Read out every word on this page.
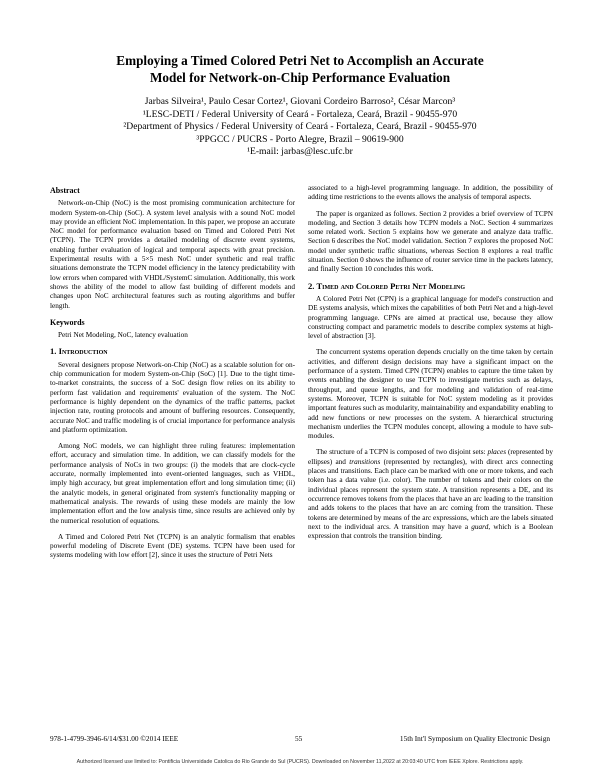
Employing a Timed Colored Petri Net to Accomplish an Accurate
Model for Network-on-Chip Performance Evaluation
Jarbas Silveira¹, Paulo Cesar Cortez¹, Giovani Cordeiro Barroso², César Marcon³
¹LESC-DETI / Federal University of Ceará - Fortaleza, Ceará, Brazil - 90455-970
²Department of Physics / Federal University of Ceará - Fortaleza, Ceará, Brazil - 90455-970
³PPGCC / PUCRS - Porto Alegre, Brazil – 90619-900
¹E-mail: jarbas@lesc.ufc.br
Abstract

Network-on-Chip (NoC) is the most promising communication architecture for modern System-on-Chip (SoC). A system level analysis with a sound NoC model may provide an efficient NoC implementation. In this paper, we propose an accurate NoC model for performance evaluation based on Timed and Colored Petri Net (TCPN). The TCPN provides a detailed modeling of discrete event systems, enabling further evaluation of logical and temporal aspects with great precision. Experimental results with a 5×5 mesh NoC under synthetic and real traffic situations demonstrate the TCPN model efficiency in the latency predictability with low errors when compared with VHDL/SystemC simulation. Additionally, this work shows the ability of the model to allow fast building of different models and changes upon NoC architectural features such as routing algorithms and buffer length.

Keywords

Petri Net Modeling, NoC, latency evaluation

1. Introduction

Several designers propose Network-on-Chip (NoC) as a scalable solution for on-chip communication for modern System-on-Chip (SoC) [1]. Due to the tight time-to-market constraints, the success of a SoC design flow relies on its ability to perform fast validation and requirements' evaluation of the system. The NoC performance is highly dependent on the dynamics of the traffic patterns, packet injection rate, routing protocols and amount of buffering resources. Consequently, accurate NoC and traffic modeling is of crucial importance for performance analysis and platform optimization.

Among NoC models, we can highlight three ruling features: implementation effort, accuracy and simulation time. In addition, we can classify models for the performance analysis of NoCs in two groups: (i) the models that are clock-cycle accurate, normally implemented into event-oriented languages, such as VHDL, imply high accuracy, but great implementation effort and long simulation time; (ii) the analytic models, in general originated from system's functionality mapping or mathematical analysis. The rewards of using these models are mainly the low implementation effort and the low analysis time, since results are achieved only by the numerical resolution of equations.

A Timed and Colored Petri Net (TCPN) is an analytic formalism that enables powerful modeling of Discrete Event (DE) systems. TCPN have been used for systems modeling with low effort [2], since it uses the structure of Petri Nets

associated to a high-level programming language. In addition, the possibility of adding time restrictions to the events allows the analysis of temporal aspects.

The paper is organized as follows. Section 2 provides a brief overview of TCPN modeling, and Section 3 details how TCPN models a NoC. Section 4 summarizes some related work. Section 5 explains how we generate and analyze data traffic. Section 6 describes the NoC model validation. Section 7 explores the proposed NoC model under synthetic traffic situations, whereas Section 8 explores a real traffic situation. Section 0 shows the influence of router service time in the packets latency, and finally Section 10 concludes this work.

2. Timed and Colored Petri Net Modeling

A Colored Petri Net (CPN) is a graphical language for model's construction and DE systems analysis, which mixes the capabilities of both Petri Net and a high-level programming language. CPNs are aimed at practical use, because they allow constructing compact and parametric models to describe complex systems at high-level of abstraction [3].

The concurrent systems operation depends crucially on the time taken by certain activities, and different design decisions may have a significant impact on the performance of a system. Timed CPN (TCPN) enables to capture the time taken by events enabling the designer to use TCPN to investigate metrics such as delays, throughput, and queue lengths, and for modeling and validation of real-time systems. Moreover, TCPN is suitable for NoC system modeling as it provides important features such as modularity, maintainability and expandability enabling to add new functions or new processes on the system. A hierarchical structuring mechanism underlies the TCPN modules concept, allowing a module to have sub-modules.

The structure of a TCPN is composed of two disjoint sets: places (represented by ellipses) and transitions (represented by rectangles), with direct arcs connecting places and transitions. Each place can be marked with one or more tokens, and each token has a data value (i.e. color). The number of tokens and their colors on the individual places represent the system state. A transition represents a DE, and its occurrence removes tokens from the places that have an arc leading to the transition and adds tokens to the places that have an arc coming from the transition. These tokens are determined by means of the arc expressions, which are the labels situated next to the individual arcs. A transition may have a guard, which is a Boolean expression that controls the transition binding.

978-1-4799-3946-6/14/$31.00 ©2014 IEEE	55	15th Int'l Symposium on Quality Electronic Design
Authorized licensed use limited to: Pontificia Universidade Catolica do Rio Grande do Sul (PUCRS). Downloaded on November 11,2022 at 20:03:40 UTC from IEEE Xplore. Restrictions apply.
